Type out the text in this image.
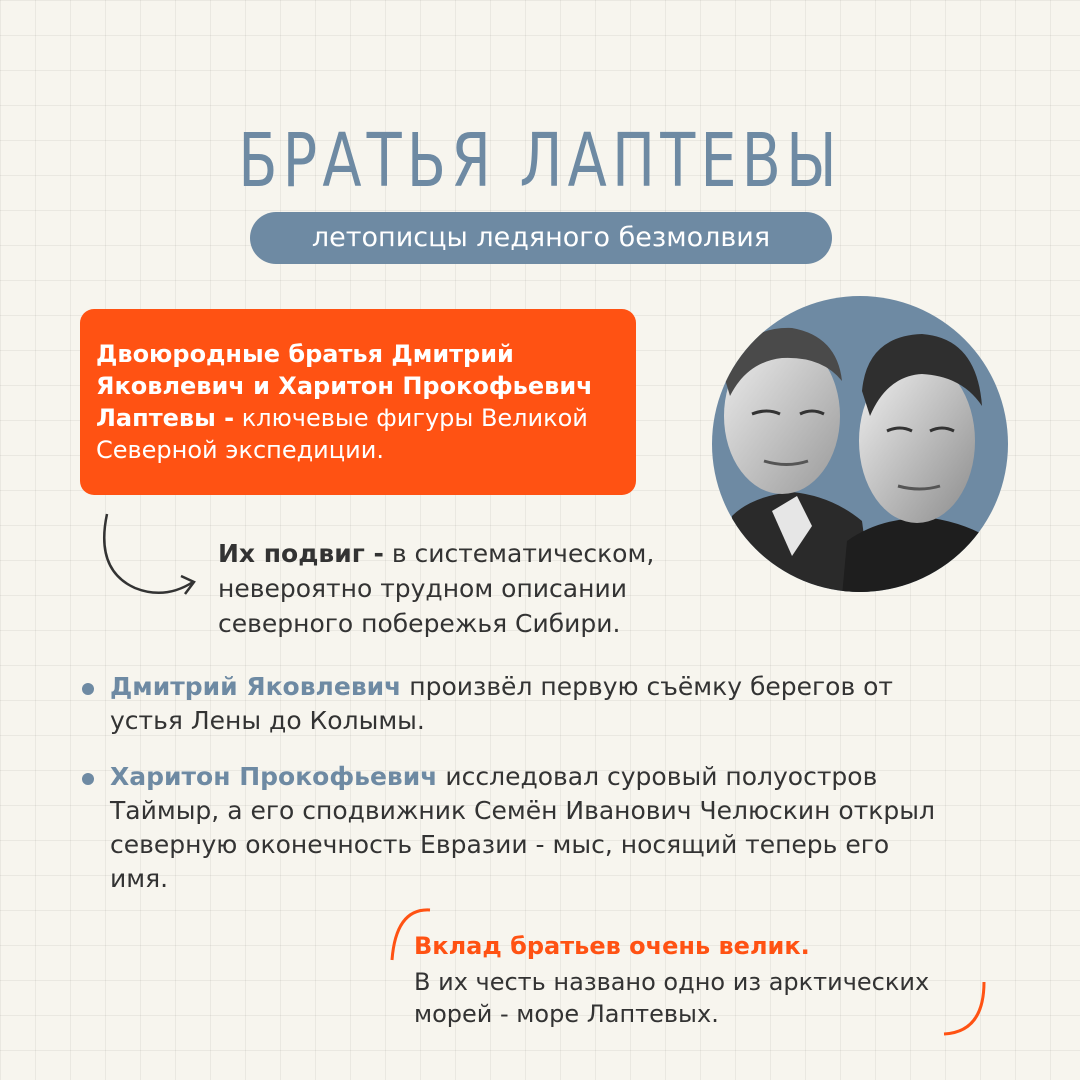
БРАТЬЯ ЛАПТЕВЫ
летописцы ледяного безмолвия
Двоюродные братья Дмитрий Яковлевич и Харитон Прокофьевич Лаптевы - ключевые фигуры Великой Северной экспедиции.
Их подвиг - в систематическом, невероятно трудном описании северного побережья Сибири.
Дмитрий Яковлевич произвёл первую съёмку берегов от устья Лены до Колымы.
Харитон Прокофьевич исследовал суровый полуостров Таймыр, а его сподвижник Семён Иванович Челюскин открыл северную оконечность Евразии - мыс, носящий теперь его имя.
Вклад братьев очень велик.
В их честь названо одно из арктических морей - море Лаптевых.
